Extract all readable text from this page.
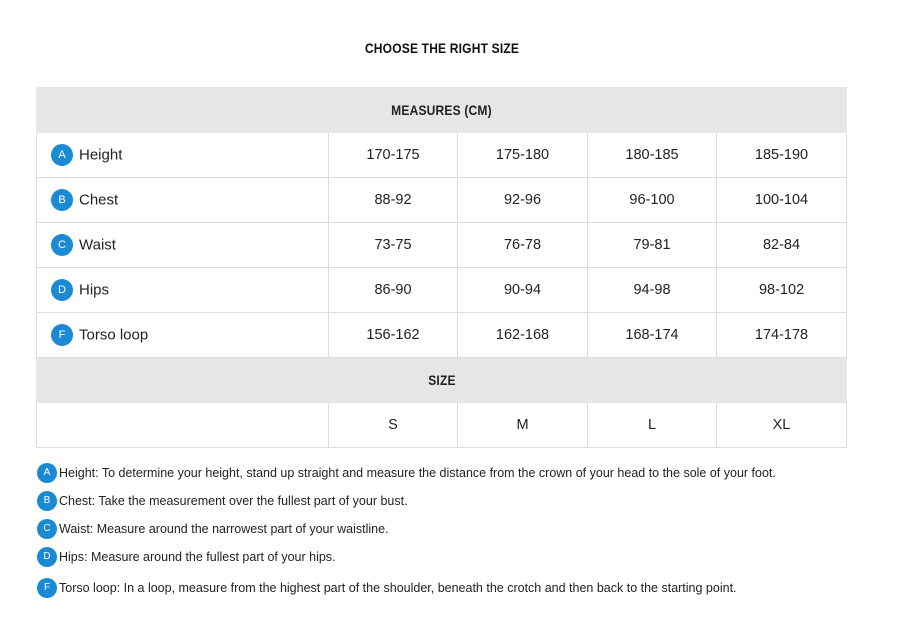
CHOOSE THE RIGHT SIZE
MEASURES (CM)				
A Height	170-175	175-180	180-185	185-190
B Chest	88-92	92-96	96-100	100-104
C Waist	73-75	76-78	79-81	82-84
D Hips	86-90	90-94	94-98	98-102
F Torso loop	156-162	162-168	168-174	174-178
SIZE				
	S	M	L	XL
A Height: To determine your height, stand up straight and measure the distance from the crown of your head to the sole of your foot.
B Chest: Take the measurement over the fullest part of your bust.
C Waist: Measure around the narrowest part of your waistline.
D Hips: Measure around the fullest part of your hips.
F Torso loop: In a loop, measure from the highest part of the shoulder, beneath the crotch and then back to the starting point.
